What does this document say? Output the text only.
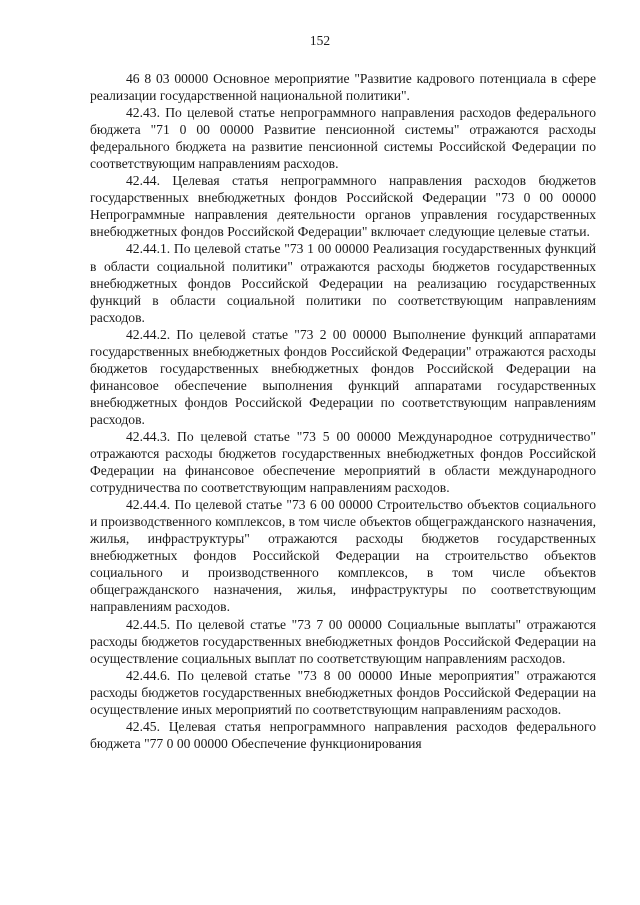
152

46 8 03 00000 Основное мероприятие "Развитие кадрового потенциала в сфере реализации государственной национальной политики".

42.43. По целевой статье непрограммного направления расходов федерального бюджета "71 0 00 00000 Развитие пенсионной системы" отражаются расходы федерального бюджета на развитие пенсионной системы Российской Федерации по соответствующим направлениям расходов.

42.44. Целевая статья непрограммного направления расходов бюджетов государственных внебюджетных фондов Российской Федерации "73 0 00 00000 Непрограммные направления деятельности органов управления государственных внебюджетных фондов Российской Федерации" включает следующие целевые статьи.

42.44.1. По целевой статье "73 1 00 00000 Реализация государственных функций в области социальной политики" отражаются расходы бюджетов государственных внебюджетных фондов Российской Федерации на реализацию государственных функций в области социальной политики по соответствующим направлениям расходов.

42.44.2. По целевой статье "73 2 00 00000 Выполнение функций аппаратами государственных внебюджетных фондов Российской Федерации" отражаются расходы бюджетов государственных внебюджетных фондов Российской Федерации на финансовое обеспечение выполнения функций аппаратами государственных внебюджетных фондов Российской Федерации по соответствующим направлениям расходов.

42.44.3. По целевой статье "73 5 00 00000 Международное сотрудничество" отражаются расходы бюджетов государственных внебюджетных фондов Российской Федерации на финансовое обеспечение мероприятий в области международного сотрудничества по соответствующим направлениям расходов.

42.44.4. По целевой статье "73 6 00 00000 Строительство объектов социального и производственного комплексов, в том числе объектов общегражданского назначения, жилья, инфраструктуры" отражаются расходы бюджетов государственных внебюджетных фондов Российской Федерации на строительство объектов социального и производственного комплексов, в том числе объектов общегражданского назначения, жилья, инфраструктуры по соответствующим направлениям расходов.

42.44.5. По целевой статье "73 7 00 00000 Социальные выплаты" отражаются расходы бюджетов государственных внебюджетных фондов Российской Федерации на осуществление социальных выплат по соответствующим направлениям расходов.

42.44.6. По целевой статье "73 8 00 00000 Иные мероприятия" отражаются расходы бюджетов государственных внебюджетных фондов Российской Федерации на осуществление иных мероприятий по соответствующим направлениям расходов.

42.45. Целевая статья непрограммного направления расходов федерального бюджета "77 0 00 00000 Обеспечение функционирования
